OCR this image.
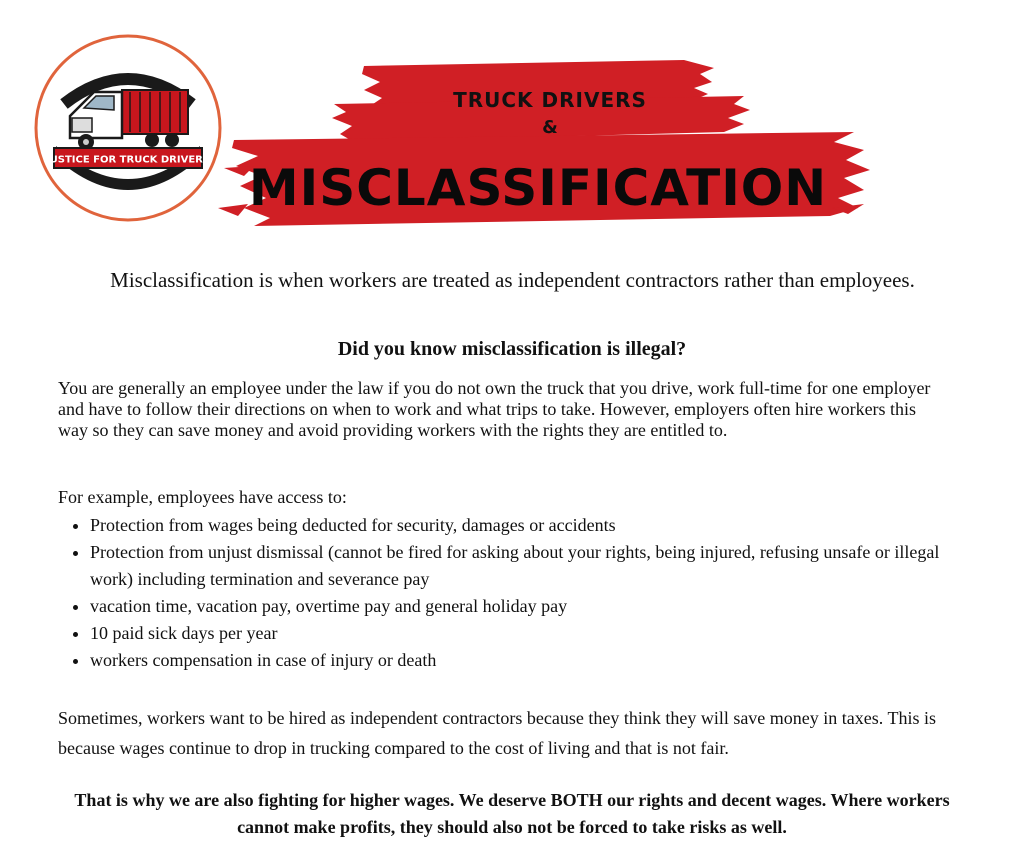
JUSTICE FOR TRUCK DRIVERS
TRUCK DRIVERS
&
MISCLASSIFICATION
Misclassification is when workers are treated as independent contractors rather than employees.
Did you know misclassification is illegal?
You are generally an employee under the law if you do not own the truck that you drive, work full-time for one employer and have to follow their directions on when to work and what trips to take. However, employers often hire workers this way so they can save money and avoid providing workers with the rights they are entitled to.
For example, employees have access to:
• Protection from wages being deducted for security, damages or accidents
• Protection from unjust dismissal (cannot be fired for asking about your rights, being injured, refusing unsafe or illegal work) including termination and severance pay
• vacation time, vacation pay, overtime pay and general holiday pay
• 10 paid sick days per year
• workers compensation in case of injury or death
Sometimes, workers want to be hired as independent contractors because they think they will save money in taxes. This is because wages continue to drop in trucking compared to the cost of living and that is not fair.
That is why we are also fighting for higher wages. We deserve BOTH our rights and decent wages. Where workers cannot make profits, they should also not be forced to take risks as well.
